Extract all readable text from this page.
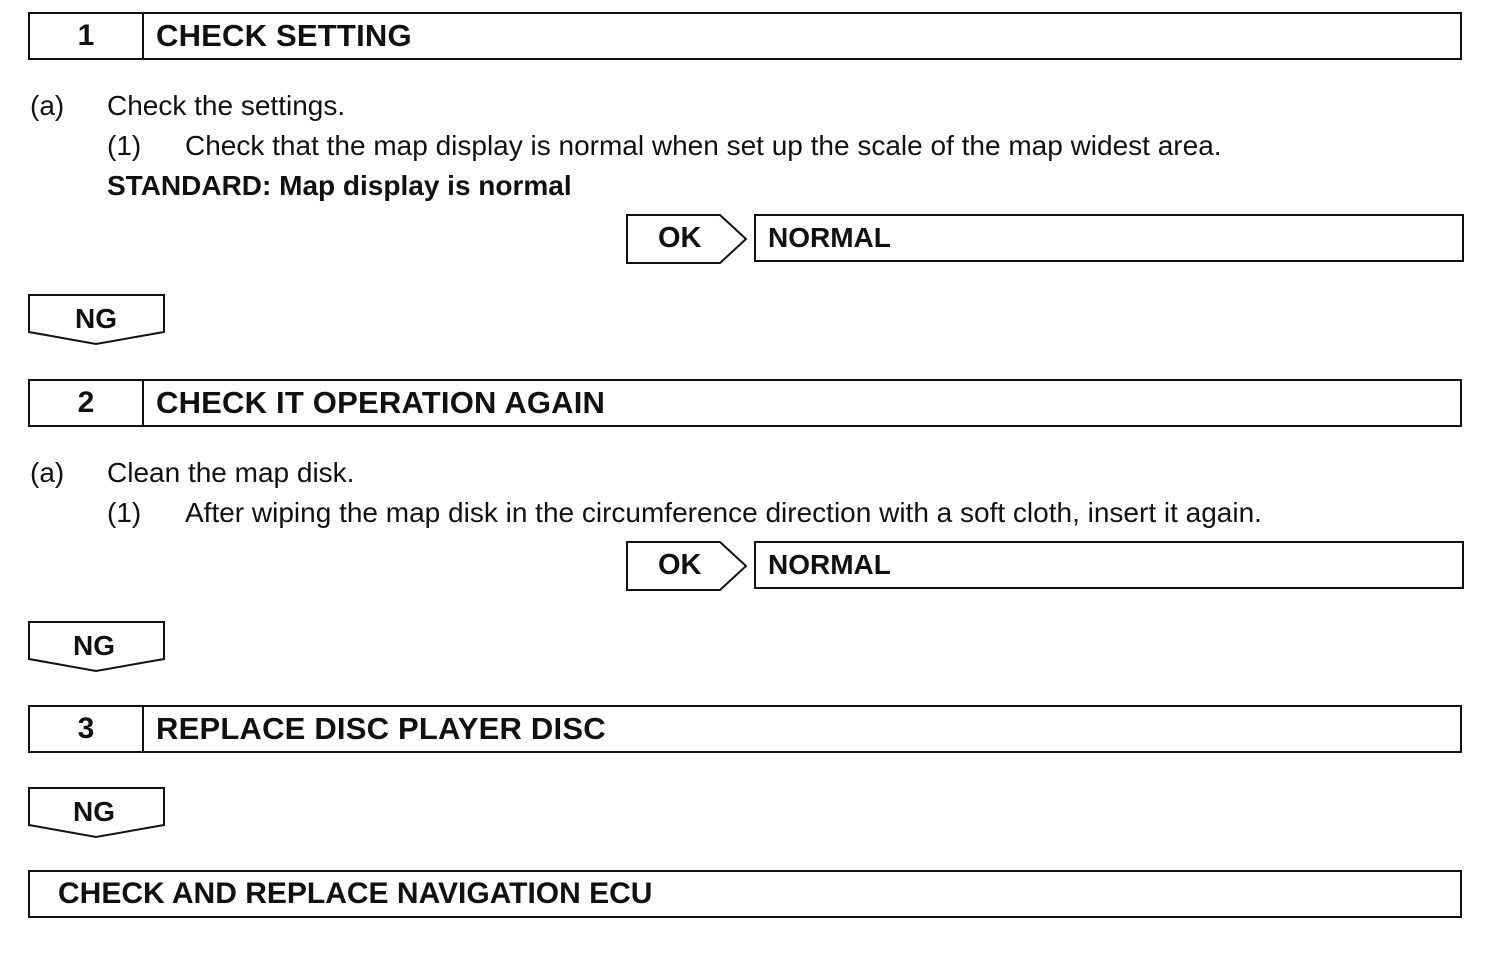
1	CHECK SETTING
(a) Check the settings.
(1) Check that the map display is normal when set up the scale of the map widest area.
STANDARD: Map display is normal
OK	NORMAL
NG
2	CHECK IT OPERATION AGAIN
(a) Clean the map disk.
(1) After wiping the map disk in the circumference direction with a soft cloth, insert it again.
OK	NORMAL
NG
3	REPLACE DISC PLAYER DISC
NG
CHECK AND REPLACE NAVIGATION ECU
